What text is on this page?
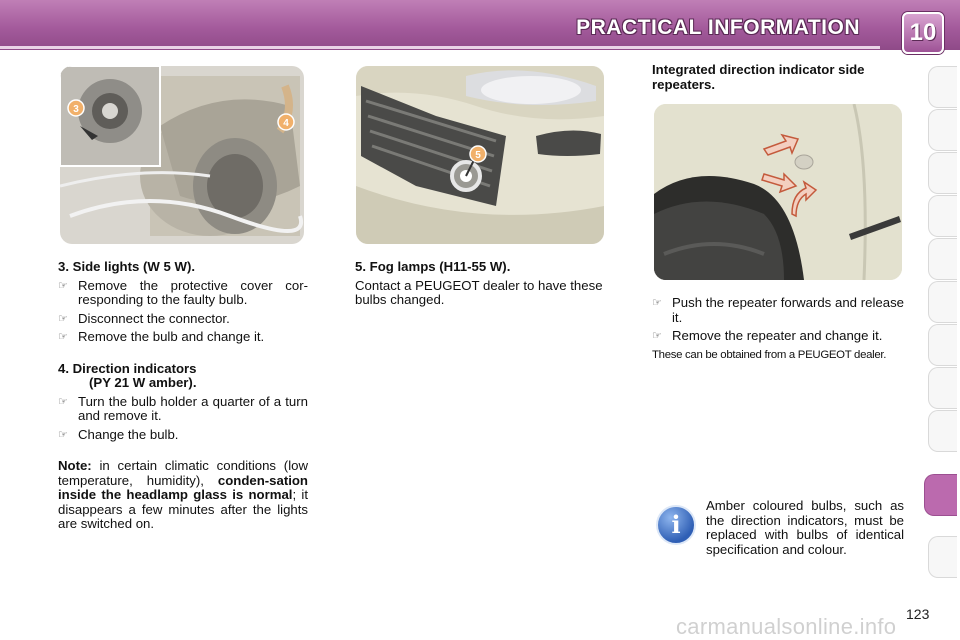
PRACTICAL INFORMATION	10
3
4
5

3. Side lights (W 5 W).

☞ Remove the protective cover cor-responding to the faulty bulb.
☞ Disconnect the connector.
☞ Remove the bulb and change it.

4. Direction indicators

(PY 21 W amber).

☞ Turn the bulb holder a quarter of a turn and remove it.
☞ Change the bulb.

Note: in certain climatic conditions (low temperature, humidity), conden-sation inside the headlamp glass is normal; it disappears a few minutes after the lights are switched on.

5. Fog lamps (H11-55 W).

Contact a PEUGEOT dealer to have these bulbs changed.

Integrated direction indicator side repeaters.

☞ Push the repeater forwards and release it.
☞ Remove the repeater and change it.

These can be obtained from a PEUGEOT dealer.

i
Amber coloured bulbs, such as the direction indicators, must be replaced with bulbs of identical specification and colour.
carmanualsonline.info 123
